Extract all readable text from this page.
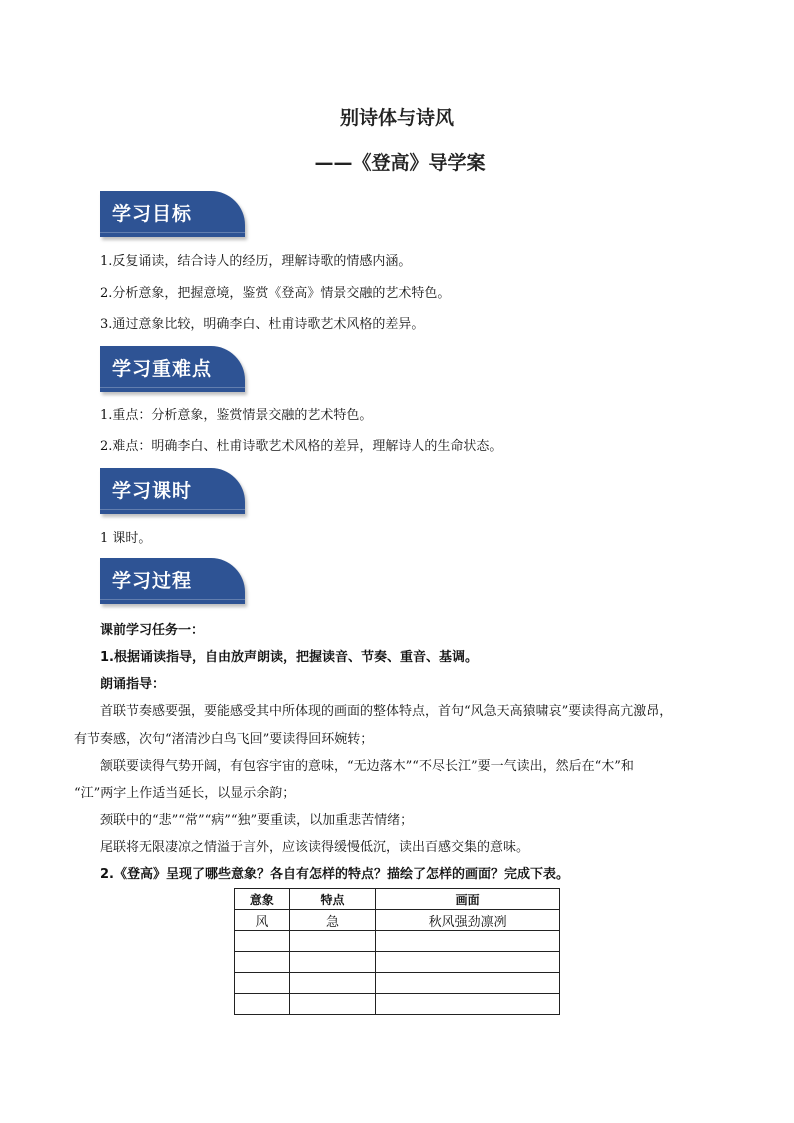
别诗体与诗风
——《登高》导学案
学习目标
1.反复诵读，结合诗人的经历，理解诗歌的情感内涵。
2.分析意象，把握意境，鉴赏《登高》情景交融的艺术特色。
3.通过意象比较，明确李白、杜甫诗歌艺术风格的差异。
学习重难点
1.重点：分析意象，鉴赏情景交融的艺术特色。
2.难点：明确李白、杜甫诗歌艺术风格的差异，理解诗人的生命状态。
学习课时
1 课时。
学习过程
课前学习任务一：
1.根据诵读指导，自由放声朗读，把握读音、节奏、重音、基调。
朗诵指导：
首联节奏感要强，要能感受其中所体现的画面的整体特点，首句“风急天高猿啸哀”要读得高亢激昂，
有节奏感，次句“渚清沙白鸟飞回”要读得回环婉转；
颔联要读得气势开阔，有包容宇宙的意味，“无边落木”“不尽长江”要一气读出，然后在“木”和
“江”两字上作适当延长，以显示余韵；
颈联中的“悲”“常”“病”“独”要重读，以加重悲苦情绪；
尾联将无限凄凉之情溢于言外，应该读得缓慢低沉，读出百感交集的意味。
2.《登高》呈现了哪些意象？各自有怎样的特点？描绘了怎样的画面？完成下表。
意象	特点	画面
风	急	秋风强劲凛冽
